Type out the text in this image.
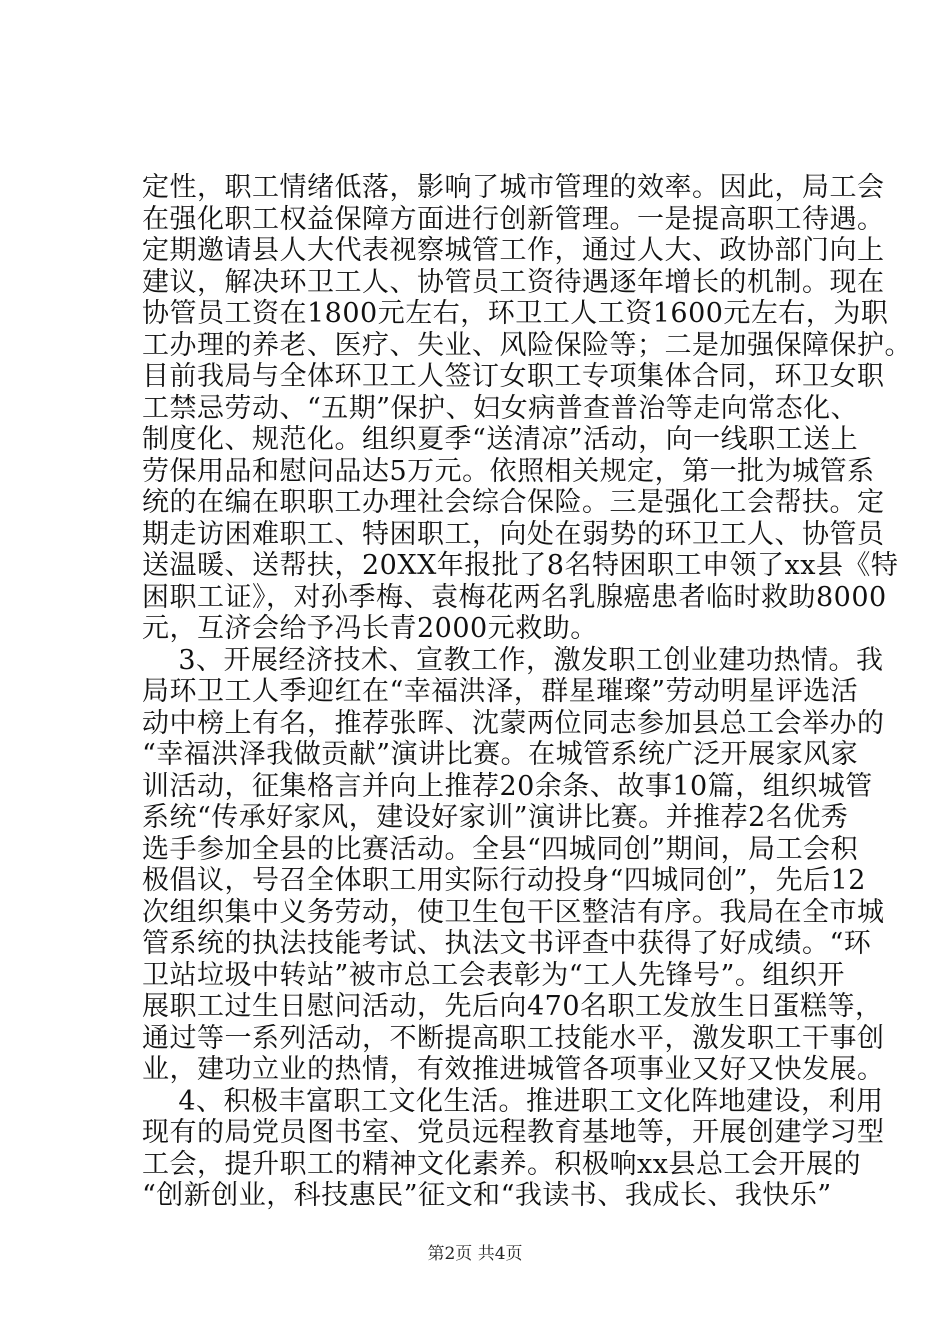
定性，职工情绪低落，影响了城市管理的效率。因此，局工会
在强化职工权益保障方面进行创新管理。一是提高职工待遇。
定期邀请县人大代表视察城管工作，通过人大、政协部门向上
建议，解决环卫工人、协管员工资待遇逐年增长的机制。现在
协管员工资在1800元左右，环卫工人工资1600元左右，为职
工办理的养老、医疗、失业、风险保险等；二是加强保障保护。
目前我局与全体环卫工人签订女职工专项集体合同，环卫女职
工禁忌劳动、“五期”保护、妇女病普查普治等走向常态化、
制度化、规范化。组织夏季“送清凉”活动，向一线职工送上
劳保用品和慰问品达5万元。依照相关规定，第一批为城管系
统的在编在职职工办理社会综合保险。三是强化工会帮扶。定
期走访困难职工、特困职工，向处在弱势的环卫工人、协管员
送温暖、送帮扶，20XX年报批了8名特困职工申领了xx县《特
困职工证》，对孙季梅、袁梅花两名乳腺癌患者临时救助8000
元，互济会给予冯长青2000元救助。
3、开展经济技术、宣教工作，激发职工创业建功热情。我
局环卫工人季迎红在“幸福洪泽，群星璀璨”劳动明星评选活
动中榜上有名，推荐张晖、沈蒙两位同志参加县总工会举办的
“幸福洪泽我做贡献”演讲比赛。在城管系统广泛开展家风家
训活动，征集格言并向上推荐20余条、故事10篇，组织城管
系统“传承好家风，建设好家训”演讲比赛。并推荐2名优秀
选手参加全县的比赛活动。全县“四城同创”期间，局工会积
极倡议，号召全体职工用实际行动投身“四城同创”，先后12
次组织集中义务劳动，使卫生包干区整洁有序。我局在全市城
管系统的执法技能考试、执法文书评查中获得了好成绩。“环
卫站垃圾中转站”被市总工会表彰为“工人先锋号”。组织开
展职工过生日慰问活动，先后向470名职工发放生日蛋糕等，
通过等一系列活动，不断提高职工技能水平，激发职工干事创
业，建功立业的热情，有效推进城管各项事业又好又快发展。
4、积极丰富职工文化生活。推进职工文化阵地建设，利用
现有的局党员图书室、党员远程教育基地等，开展创建学习型
工会，提升职工的精神文化素养。积极响xx县总工会开展的
“创新创业，科技惠民”征文和“我读书、我成长、我快乐”
第2页 共4页
